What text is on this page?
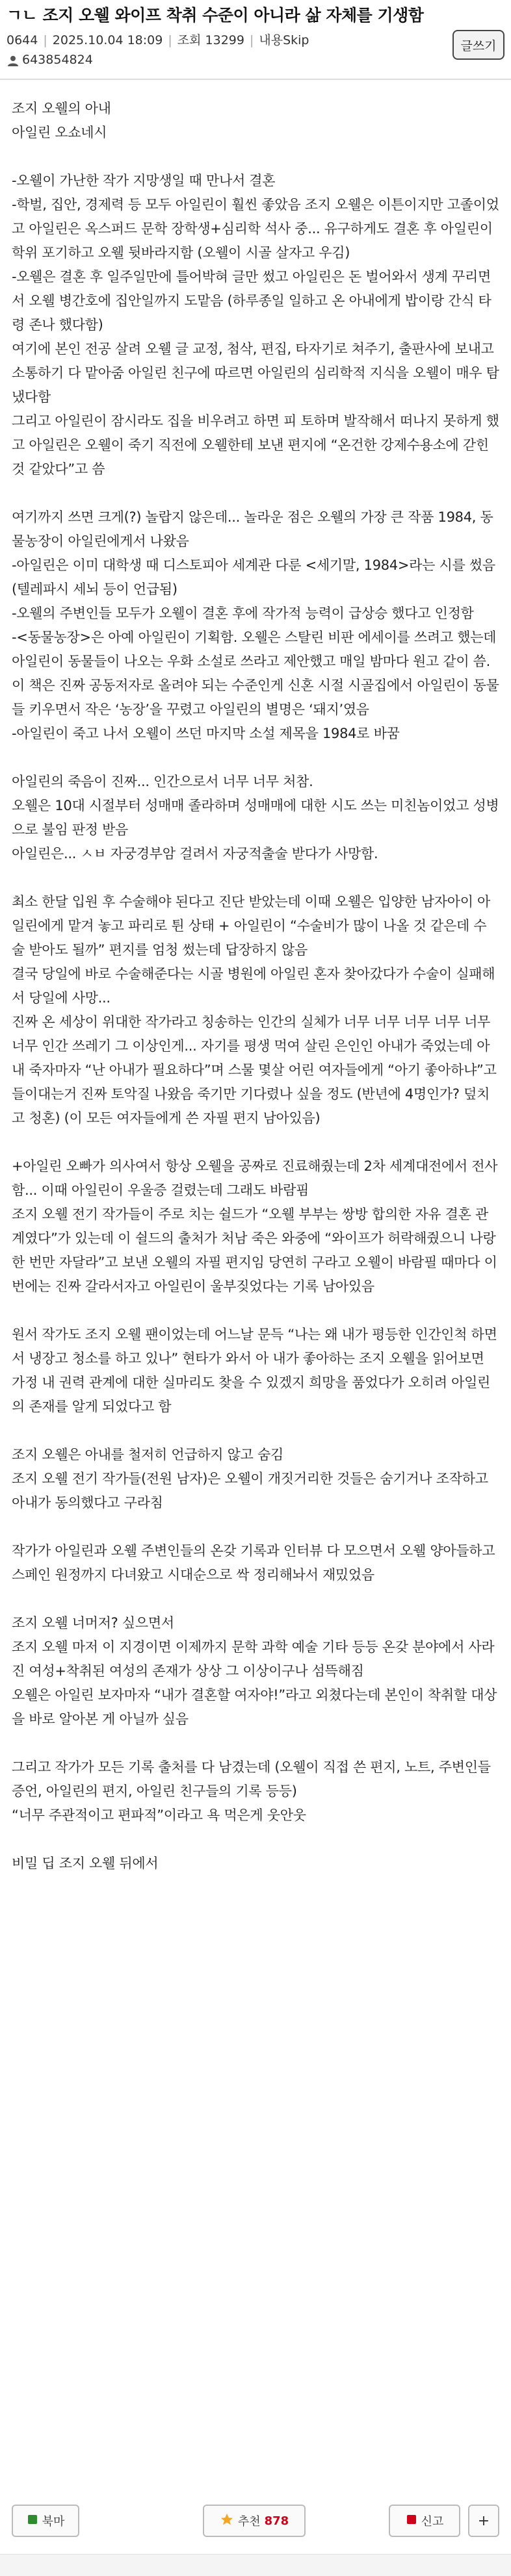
ㄱㄴ 조지 오웰 와이프 착취 수준이 아니라 삶 자체를 기생함
글쓰기
0644 | 2025.10.04 18:09 | 조회 13299 | 내용Skip
643854824

조지 오웰의 아내

아일린 오쇼네시

-오웰이 가난한 작가 지망생일 때 만나서 결혼

-학벌, 집안, 경제력 등 모두 아일린이 훨씬 좋았음 조지 오웰은 이튼이지만 고졸이었고 아일린은 옥스퍼드 문학 장학생+심리학 석사 중... 유구하게도 결혼 후 아일린이 학위 포기하고 오웰 뒷바라지함 (오웰이 시골 살자고 우김)

-오웰은 결혼 후 일주일만에 틀어박혀 글만 썼고 아일린은 돈 벌어와서 생계 꾸리면서 오웰 병간호에 집안일까지 도맡음 (하루종일 일하고 온 아내에게 밥이랑 간식 타령 존나 했다함)

여기에 본인 전공 살려 오웰 글 교정, 첨삭, 편집, 타자기로 쳐주기, 출판사에 보내고 소통하기 다 맡아줌 아일린 친구에 따르면 아일린의 심리학적 지식을 오웰이 매우 탐냈다함

그리고 아일린이 잠시라도 집을 비우려고 하면 피 토하며 발작해서 떠나지 못하게 했고 아일린은 오웰이 죽기 직전에 오웰한테 보낸 편지에 “온건한 강제수용소에 갇힌 것 같았다”고 씀

여기까지 쓰면 크게(?) 놀랍지 않은데... 놀라운 점은 오웰의 가장 큰 작품 1984, 동물농장이 아일린에게서 나왔음

-아일린은 이미 대학생 때 디스토피아 세계관 다룬 <세기말, 1984>라는 시를 썼음 (텔레파시 세뇌 등이 언급됨)

-오웰의 주변인들 모두가 오웰이 결혼 후에 작가적 능력이 급상승 했다고 인정함

-<동물농장>은 아예 아일린이 기획함. 오웰은 스탈린 비판 에세이를 쓰려고 했는데 아일린이 동물들이 나오는 우화 소설로 쓰라고 제안했고 매일 밤마다 원고 같이 씀. 이 책은 진짜 공동저자로 올려야 되는 수준인게 신혼 시절 시골집에서 아일린이 동물들 키우면서 작은 ‘농장’을 꾸렸고 아일린의 별명은 ‘돼지’였음

-아일린이 죽고 나서 오웰이 쓰던 마지막 소설 제목을 1984로 바꿈

아일린의 죽음이 진짜... 인간으로서 너무 너무 처참.

오웰은 10대 시절부터 성매매 졸라하며 성매매에 대한 시도 쓰는 미친놈이었고 성병으로 불임 판정 받음

아일린은... ㅅㅂ 자궁경부암 걸려서 자궁적출술 받다가 사망함.

최소 한달 입원 후 수술해야 된다고 진단 받았는데 이때 오웰은 입양한 남자아이 아일린에게 맡겨 놓고 파리로 튄 상태 + 아일린이 “수술비가 많이 나올 것 같은데 수술 받아도 될까” 편지를 엄청 썼는데 답장하지 않음

결국 당일에 바로 수술해준다는 시골 병원에 아일린 혼자 찾아갔다가 수술이 실패해서 당일에 사망...

진짜 온 세상이 위대한 작가라고 칭송하는 인간의 실체가 너무 너무 너무 너무 너무 너무 인간 쓰레기 그 이상인게... 자기를 평생 먹여 살린 은인인 아내가 죽었는데 아내 죽자마자 “난 아내가 필요하다”며 스물 몇살 어린 여자들에게 “아기 좋아하냐”고 들이대는거 진짜 토악질 나왔음 죽기만 기다렸나 싶을 정도 (반년에 4명인가? 덮치고 청혼) (이 모든 여자들에게 쓴 자필 편지 남아있음)

+아일린 오빠가 의사여서 항상 오웰을 공짜로 진료해줬는데 2차 세계대전에서 전사함... 이때 아일린이 우울증 걸렸는데 그래도 바람핌

조지 오웰 전기 작가들이 주로 치는 쉴드가 “오웰 부부는 쌍방 합의한 자유 결혼 관계였다”가 있는데 이 쉴드의 출처가 처남 죽은 와중에 “와이프가 허락해줬으니 나랑 한 번만 자달라”고 보낸 오웰의 자필 편지임 당연히 구라고 오웰이 바람필 때마다 이번에는 진짜 갈라서자고 아일린이 울부짖었다는 기록 남아있음

원서 작가도 조지 오웰 팬이었는데 어느날 문득 “나는 왜 내가 평등한 인간인척 하면서 냉장고 청소를 하고 있나” 현타가 와서 아 내가 좋아하는 조지 오웰을 읽어보면 가정 내 권력 관계에 대한 실마리도 찾을 수 있겠지 희망을 품었다가 오히려 아일린의 존재를 알게 되었다고 함

조지 오웰은 아내를 철저히 언급하지 않고 숨김

조지 오웰 전기 작가들(전원 남자)은 오웰이 개짓거리한 것들은 숨기거나 조작하고 아내가 동의했다고 구라침

작가가 아일린과 오웰 주변인들의 온갖 기록과 인터뷰 다 모으면서 오웰 양아들하고 스페인 원정까지 다녀왔고 시대순으로 싹 정리해놔서 재밌었음

조지 오웰 너머저? 싶으면서

조지 오웰 마저 이 지경이면 이제까지 문학 과학 예술 기타 등등 온갖 분야에서 사라진 여성+착취된 여성의 존재가 상상 그 이상이구나 섬뜩해짐

오웰은 아일린 보자마자 “내가 결혼할 여자야!”라고 외쳤다는데 본인이 착취할 대상을 바로 알아본 게 아닐까 싶음

그리고 작가가 모든 기록 출처를 다 남겼는데 (오웰이 직접 쓴 편지, 노트, 주변인들 증언, 아일린의 편지, 아일린 친구들의 기록 등등)

“너무 주관적이고 편파적”이라고 욕 먹은게 웃안웃

비밀 딥 조지 오웰 뒤에서

북마	추천 878	신고	+
